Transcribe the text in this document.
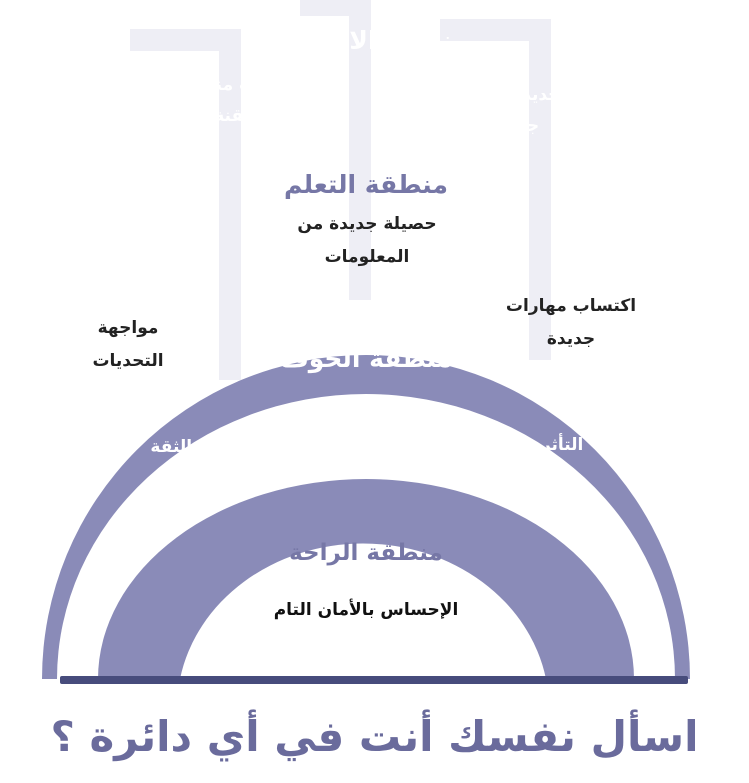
منطقة الاستثمار
مهارات منتجة
ومتقنة
تحديد أهداف
جديدة
تميز وإبداع
وريادة
تحقيق
الأهداف
منطقة التعلم
حصيلة جديدة من
المعلومات
اكتساب مهارات
جديدة
مواجهة
التحديات	منطقة الخوف
إيجاد الأعذار
فقدان الثقة
بالنفس
التأثر برأي
الآخرين
منطقة الراحة
الإحساس بالأمان التام
اسأل نفسك أنت في أي دائرة ؟
